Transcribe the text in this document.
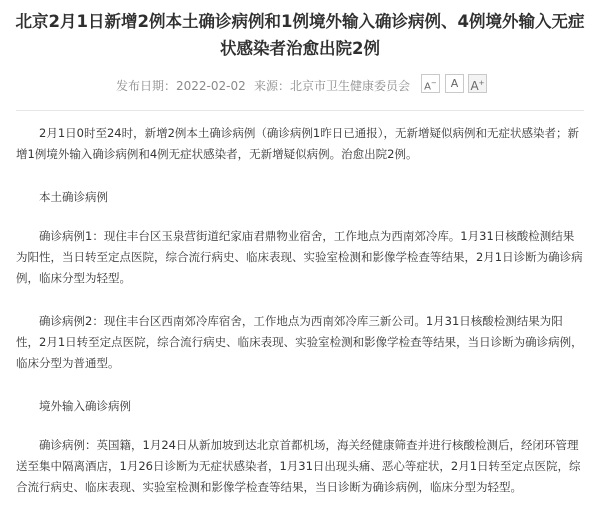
北京2月1日新增2例本土确诊病例和1例境外输入确诊病例、4例境外输入无症状感染者治愈出院2例
发布日期：2022-02-02 来源：北京市卫生健康委员会	A−	A	A+

2月1日0时至24时，新增2例本土确诊病例（确诊病例1昨日已通报），无新增疑似病例和无症状感染者；新增1例境外输入确诊病例和4例无症状感染者，无新增疑似病例。治愈出院2例。

本土确诊病例

确诊病例1：现住丰台区玉泉营街道纪家庙君鼎物业宿舍，工作地点为西南郊冷库。1月31日核酸检测结果为阳性，当日转至定点医院，综合流行病史、临床表现、实验室检测和影像学检查等结果，2月1日诊断为确诊病例，临床分型为轻型。

确诊病例2：现住丰台区西南郊冷库宿舍，工作地点为西南郊冷库三新公司。1月31日核酸检测结果为阳性，2月1日转至定点医院，综合流行病史、临床表现、实验室检测和影像学检查等结果，当日诊断为确诊病例，临床分型为普通型。

境外输入确诊病例

确诊病例：英国籍，1月24日从新加坡到达北京首都机场，海关经健康筛查并进行核酸检测后，经闭环管理送至集中隔离酒店，1月26日诊断为无症状感染者，1月31日出现头痛、恶心等症状，2月1日转至定点医院，综合流行病史、临床表现、实验室检测和影像学检查等结果，当日诊断为确诊病例，临床分型为轻型。
